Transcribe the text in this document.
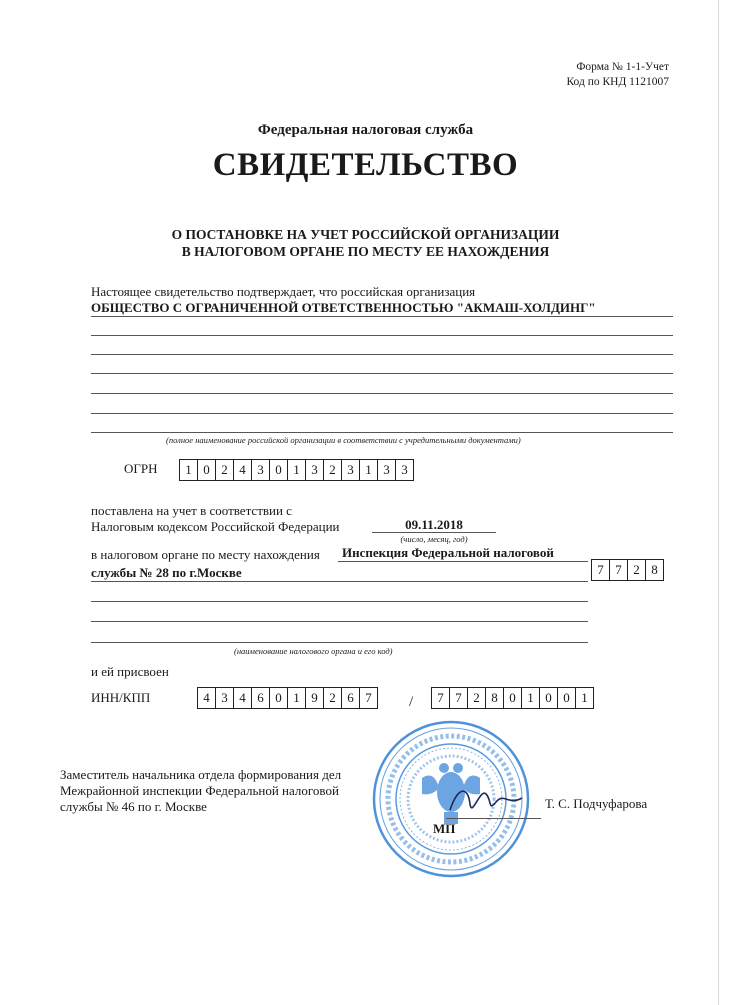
Форма № 1-1-Учет
Код по КНД 1121007
Федеральная налоговая служба
СВИДЕТЕЛЬСТВО
О ПОСТАНОВКЕ НА УЧЕТ РОССИЙСКОЙ ОРГАНИЗАЦИИ
В НАЛОГОВОМ ОРГАНЕ ПО МЕСТУ ЕЕ НАХОЖДЕНИЯ
Настоящее свидетельство подтверждает, что российская организация
ОБЩЕСТВО С ОГРАНИЧЕННОЙ ОТВЕТСТВЕННОСТЬЮ "АКМАШ-ХОЛДИНГ"
(полное наименование российской организации в соответствии с учредительными документами)
ОГРН	1 0 2 4 3 0 1 3 2 3 1 3 3
поставлена на учет в соответствии с
Налоговым кодексом Российской Федерации	09.11.2018
(число, месяц, год)
в налоговом органе по месту нахождения Инспекция Федеральной налоговой
службы № 28 по г.Москве	7 7 2 8
(наименование налогового органа и его код)
и ей присвоен
ИНН/КПП	4 3 4 6 0 1 9 2 6 7	/	7 7 2 8 0 1 0 0 1
Заместитель начальника отдела формирования дел
Межрайонной инспекции Федеральной налоговой
службы № 46 по г. Москве
МП
Т. С. Подчуфарова
